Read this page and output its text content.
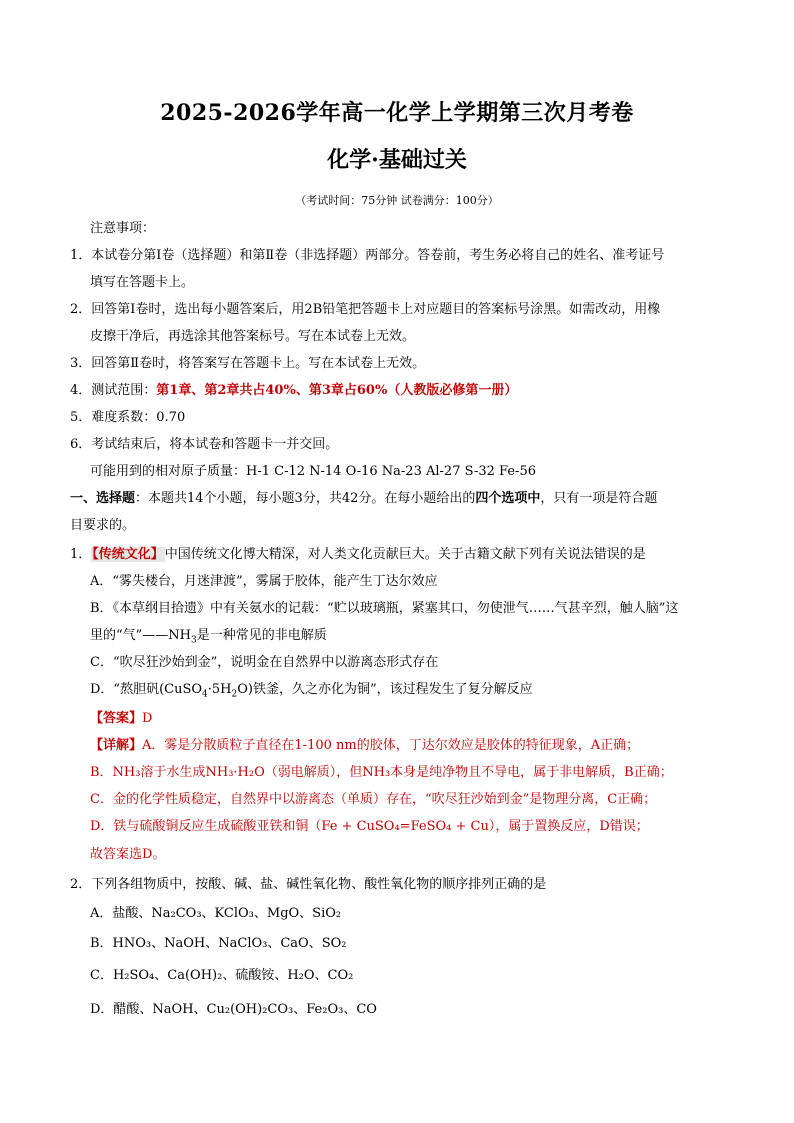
2025-2026学年高一化学上学期第三次月考卷
化学·基础过关
（考试时间：75分钟 试卷满分：100分）
注意事项：
1．本试卷分第Ⅰ卷（选择题）和第Ⅱ卷（非选择题）两部分。答卷前，考生务必将自己的姓名、准考证号
填写在答题卡上。
2．回答第Ⅰ卷时，选出每小题答案后，用2B铅笔把答题卡上对应题目的答案标号涂黑。如需改动，用橡
皮擦干净后，再选涂其他答案标号。写在本试卷上无效。
3．回答第Ⅱ卷时，将答案写在答题卡上。写在本试卷上无效。
4．测试范围：第1章、第2章共占40%、第3章占60%（人教版必修第一册）
5．难度系数：0.70
6．考试结束后，将本试卷和答题卡一并交回。
可能用到的相对原子质量：H-1 C-12 N-14 O-16 Na-23 Al-27 S-32 Fe-56
一、选择题：本题共14个小题，每小题3分，共42分。在每小题给出的四个选项中，只有一项是符合题
目要求的。
1．【传统文化】中国传统文化博大精深，对人类文化贡献巨大。关于古籍文献下列有关说法错误的是
A．“雾失楼台，月迷津渡”，雾属于胶体，能产生丁达尔效应
B．《本草纲目拾遗》中有关氨水的记载：“贮以玻璃瓶，紧塞其口，勿使泄气……气甚辛烈，触人脑”这
里的“气$”——NH_3$是一种常见的非电解质
C．“吹尽狂沙始到金”，说明金在自然界中以游离态形式存在
D．“熬胆矾$(CuSO_4\cdot 5H_2O)$铁釜，久之亦化为铜”，该过程发生了复分解反应
【答案】D
【详解】A．雾是分散质粒子直径在1-100 nm的胶体，丁达尔效应是胶体的特征现象，A正确；
B．NH₃溶于水生成NH₃·H₂O（弱电解质），但NH₃本身是纯净物且不导电，属于非电解质，B正确；
C．金的化学性质稳定，自然界中以游离态（单质）存在，“吹尽狂沙始到金”是物理分离，C正确；
D．铁与硫酸铜反应生成硫酸亚铁和铜（Fe + CuSO₄=FeSO₄ + Cu），属于置换反应，D错误；
故答案选D。
2．下列各组物质中，按酸、碱、盐、碱性氧化物、酸性氧化物的顺序排列正确的是
A．盐酸、Na₂CO₃、KClO₃、MgO、SiO₂
B．HNO₃、NaOH、NaClO₃、CaO、SO₂
C．H₂SO₄、Ca(OH)₂、硫酸铵、H₂O、CO₂
D．醋酸、NaOH、Cu₂(OH)₂CO₃、Fe₂O₃、CO
